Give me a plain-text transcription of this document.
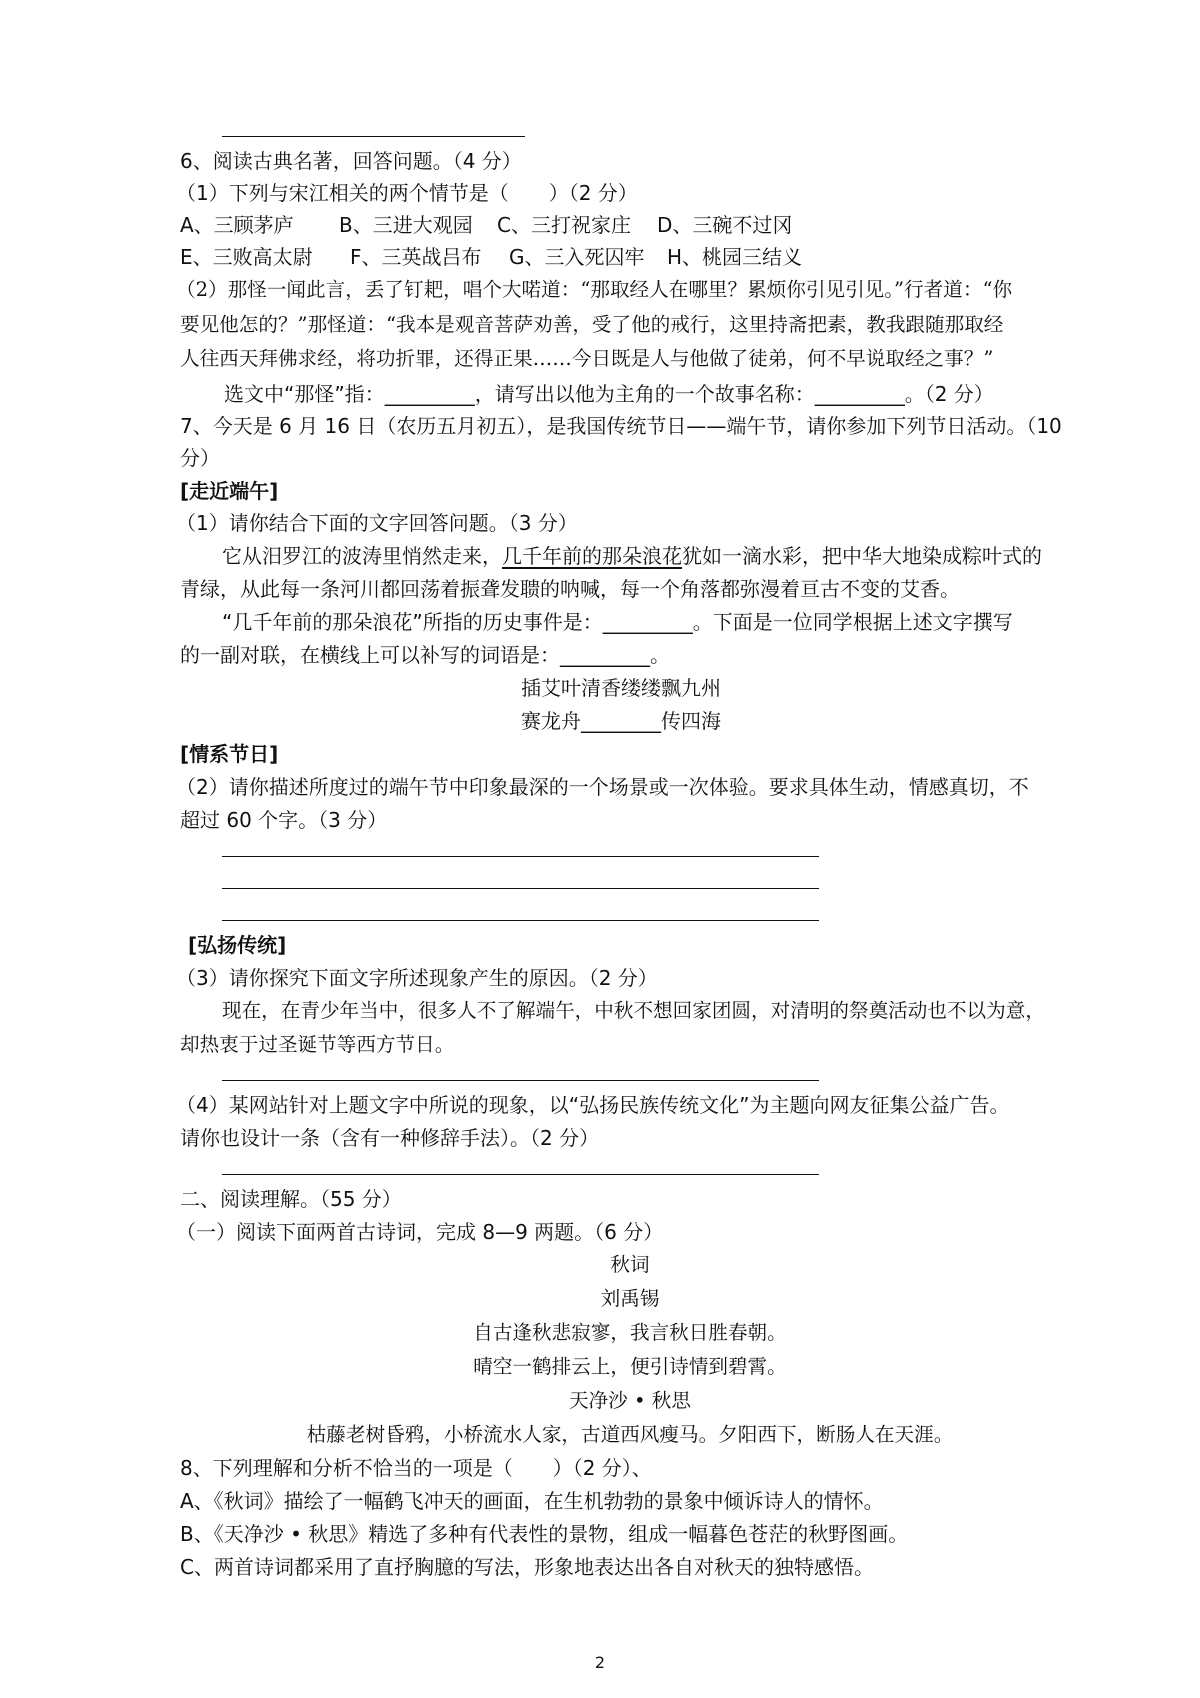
6、阅读古典名著，回答问题。（4 分）
（1）下列与宋江相关的两个情节是（　　）（2 分）
A、三顾茅庐 B、三进大观园 C、三打祝家庄 D、三碗不过冈
E、三败高太尉 F、三英战吕布 G、三入死囚牢 H、桃园三结义
（2）那怪一闻此言，丢了钉耙，唱个大喏道：“那取经人在哪里？累烦你引见引见。”行者道：“你
要见他怎的？”那怪道：“我本是观音菩萨劝善，受了他的戒行，这里持斋把素，教我跟随那取经
人往西天拜佛求经，将功折罪，还得正果……今日既是人与他做了徒弟，何不早说取经之事？”
选文中“那怪”指：_________，请写出以他为主角的一个故事名称：_________。（2 分）
7、今天是 6 月 16 日（农历五月初五），是我国传统节日——端午节，请你参加下列节日活动。（10
分）
[走近端午]
（1）请你结合下面的文字回答问题。（3 分）
它从汨罗江的波涛里悄然走来，几千年前的那朵浪花犹如一滴水彩，把中华大地染成粽叶式的
青绿，从此每一条河川都回荡着振聋发聩的呐喊，每一个角落都弥漫着亘古不变的艾香。
“几千年前的那朵浪花”所指的历史事件是：_________。下面是一位同学根据上述文字撰写
的一副对联，在横线上可以补写的词语是：_________。
插艾叶清香缕缕飘九州
赛龙舟________传四海
[情系节日]
（2）请你描述所度过的端午节中印象最深的一个场景或一次体验。要求具体生动，情感真切，不
超过 60 个字。（3 分）
[弘扬传统]
（3）请你探究下面文字所述现象产生的原因。（2 分）
现在，在青少年当中，很多人不了解端午，中秋不想回家团圆，对清明的祭奠活动也不以为意，
却热衷于过圣诞节等西方节日。
（4）某网站针对上题文字中所说的现象，以“弘扬民族传统文化”为主题向网友征集公益广告。
请你也设计一条（含有一种修辞手法）。（2 分）
二、阅读理解。（55 分）
（一）阅读下面两首古诗词，完成 8—9 两题。（6 分）
秋词
刘禹锡
自古逢秋悲寂寥，我言秋日胜春朝。
晴空一鹤排云上，便引诗情到碧霄。
天净沙 • 秋思
枯藤老树昏鸦，小桥流水人家，古道西风瘦马。夕阳西下，断肠人在天涯。
8、下列理解和分析不恰当的一项是（　　）（2 分）、
A、《秋词》描绘了一幅鹤飞冲天的画面，在生机勃勃的景象中倾诉诗人的情怀。
B、《天净沙 • 秋思》精选了多种有代表性的景物，组成一幅暮色苍茫的秋野图画。
C、两首诗词都采用了直抒胸臆的写法，形象地表达出各自对秋天的独特感悟。
2
